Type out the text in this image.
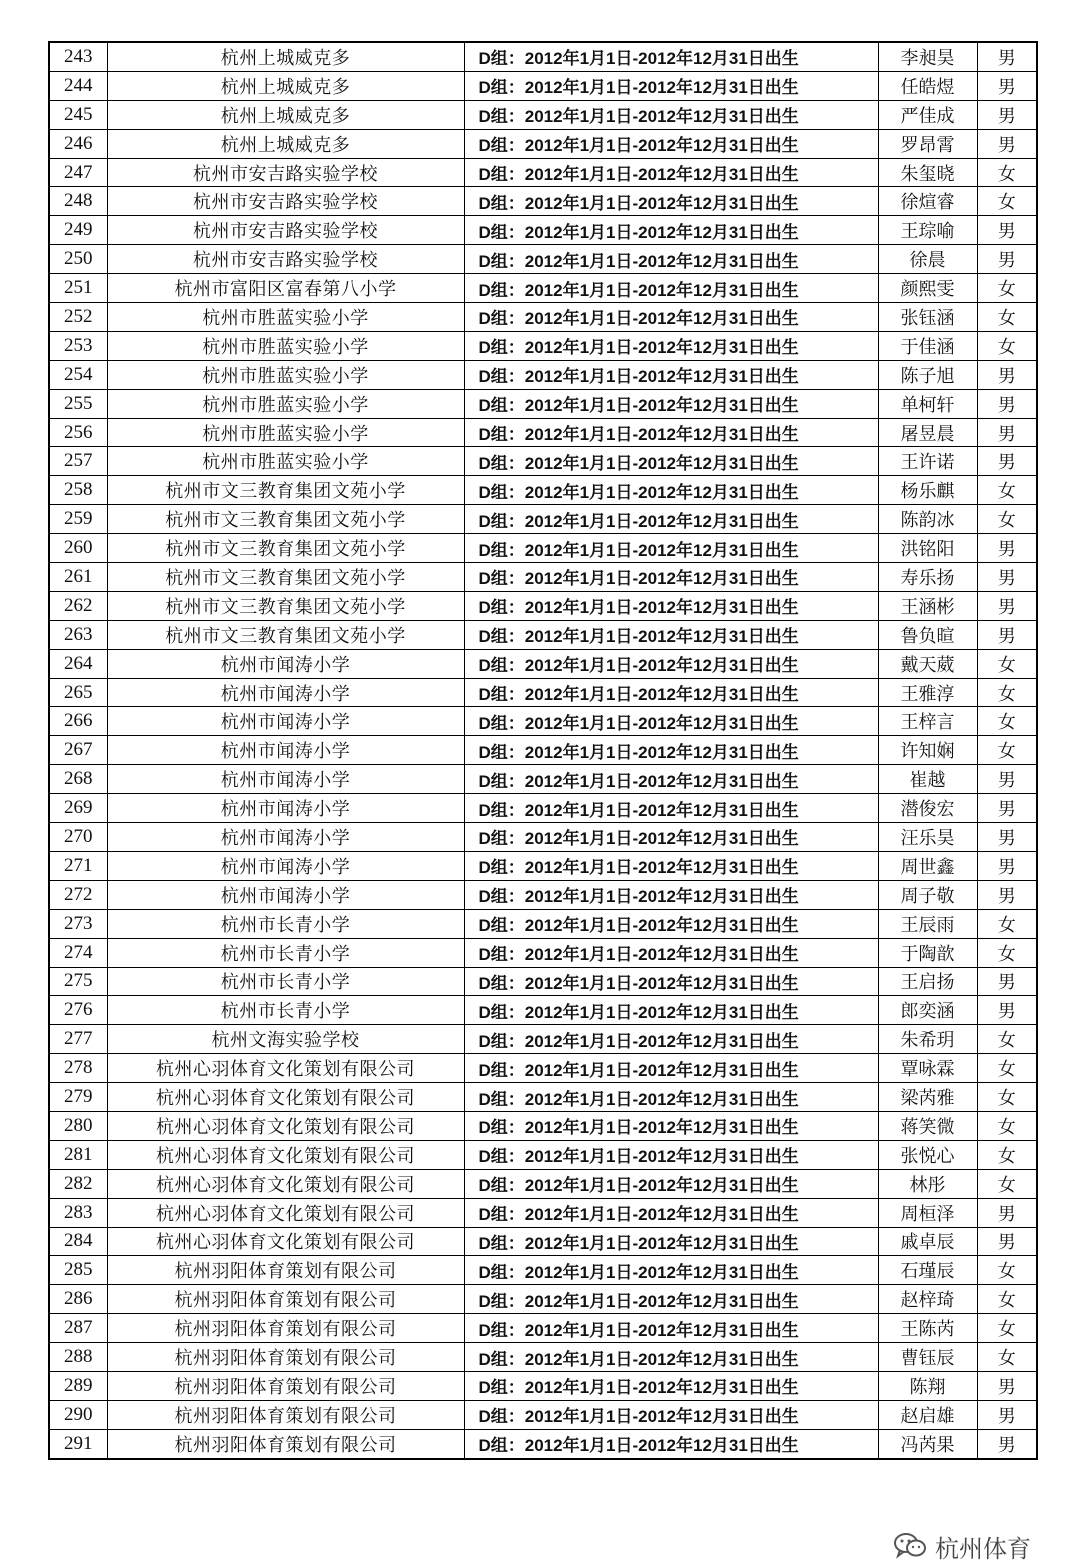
243	杭州上城威克多	D组：2012年1月1日-2012年12月31日出生	李昶昊	男
244	杭州上城威克多	D组：2012年1月1日-2012年12月31日出生	任皓煜	男
245	杭州上城威克多	D组：2012年1月1日-2012年12月31日出生	严佳成	男
246	杭州上城威克多	D组：2012年1月1日-2012年12月31日出生	罗昂霄	男
247	杭州市安吉路实验学校	D组：2012年1月1日-2012年12月31日出生	朱玺晓	女
248	杭州市安吉路实验学校	D组：2012年1月1日-2012年12月31日出生	徐煊睿	女
249	杭州市安吉路实验学校	D组：2012年1月1日-2012年12月31日出生	王琮喻	男
250	杭州市安吉路实验学校	D组：2012年1月1日-2012年12月31日出生	徐晨	男
251	杭州市富阳区富春第八小学	D组：2012年1月1日-2012年12月31日出生	颜熙雯	女
252	杭州市胜蓝实验小学	D组：2012年1月1日-2012年12月31日出生	张钰涵	女
253	杭州市胜蓝实验小学	D组：2012年1月1日-2012年12月31日出生	于佳涵	女
254	杭州市胜蓝实验小学	D组：2012年1月1日-2012年12月31日出生	陈子旭	男
255	杭州市胜蓝实验小学	D组：2012年1月1日-2012年12月31日出生	单柯轩	男
256	杭州市胜蓝实验小学	D组：2012年1月1日-2012年12月31日出生	屠昱晨	男
257	杭州市胜蓝实验小学	D组：2012年1月1日-2012年12月31日出生	王许诺	男
258	杭州市文三教育集团文苑小学	D组：2012年1月1日-2012年12月31日出生	杨乐麒	女
259	杭州市文三教育集团文苑小学	D组：2012年1月1日-2012年12月31日出生	陈韵冰	女
260	杭州市文三教育集团文苑小学	D组：2012年1月1日-2012年12月31日出生	洪铭阳	男
261	杭州市文三教育集团文苑小学	D组：2012年1月1日-2012年12月31日出生	寿乐扬	男
262	杭州市文三教育集团文苑小学	D组：2012年1月1日-2012年12月31日出生	王涵彬	男
263	杭州市文三教育集团文苑小学	D组：2012年1月1日-2012年12月31日出生	鲁负暄	男
264	杭州市闻涛小学	D组：2012年1月1日-2012年12月31日出生	戴天葳	女
265	杭州市闻涛小学	D组：2012年1月1日-2012年12月31日出生	王雅淳	女
266	杭州市闻涛小学	D组：2012年1月1日-2012年12月31日出生	王梓言	女
267	杭州市闻涛小学	D组：2012年1月1日-2012年12月31日出生	许知娴	女
268	杭州市闻涛小学	D组：2012年1月1日-2012年12月31日出生	崔越	男
269	杭州市闻涛小学	D组：2012年1月1日-2012年12月31日出生	潜俊宏	男
270	杭州市闻涛小学	D组：2012年1月1日-2012年12月31日出生	汪乐昊	男
271	杭州市闻涛小学	D组：2012年1月1日-2012年12月31日出生	周世鑫	男
272	杭州市闻涛小学	D组：2012年1月1日-2012年12月31日出生	周子敬	男
273	杭州市长青小学	D组：2012年1月1日-2012年12月31日出生	王辰雨	女
274	杭州市长青小学	D组：2012年1月1日-2012年12月31日出生	于陶歆	女
275	杭州市长青小学	D组：2012年1月1日-2012年12月31日出生	王启扬	男
276	杭州市长青小学	D组：2012年1月1日-2012年12月31日出生	郎奕涵	男
277	杭州文海实验学校	D组：2012年1月1日-2012年12月31日出生	朱希玥	女
278	杭州心羽体育文化策划有限公司	D组：2012年1月1日-2012年12月31日出生	覃咏霖	女
279	杭州心羽体育文化策划有限公司	D组：2012年1月1日-2012年12月31日出生	梁芮雅	女
280	杭州心羽体育文化策划有限公司	D组：2012年1月1日-2012年12月31日出生	蒋笑微	女
281	杭州心羽体育文化策划有限公司	D组：2012年1月1日-2012年12月31日出生	张悦心	女
282	杭州心羽体育文化策划有限公司	D组：2012年1月1日-2012年12月31日出生	林彤	女
283	杭州心羽体育文化策划有限公司	D组：2012年1月1日-2012年12月31日出生	周桓泽	男
284	杭州心羽体育文化策划有限公司	D组：2012年1月1日-2012年12月31日出生	戚卓辰	男
285	杭州羽阳体育策划有限公司	D组：2012年1月1日-2012年12月31日出生	石瑾辰	女
286	杭州羽阳体育策划有限公司	D组：2012年1月1日-2012年12月31日出生	赵梓琦	女
287	杭州羽阳体育策划有限公司	D组：2012年1月1日-2012年12月31日出生	王陈芮	女
288	杭州羽阳体育策划有限公司	D组：2012年1月1日-2012年12月31日出生	曹钰辰	女
289	杭州羽阳体育策划有限公司	D组：2012年1月1日-2012年12月31日出生	陈翔	男
290	杭州羽阳体育策划有限公司	D组：2012年1月1日-2012年12月31日出生	赵启雄	男
291	杭州羽阳体育策划有限公司	D组：2012年1月1日-2012年12月31日出生	冯芮果	男
杭州体育
